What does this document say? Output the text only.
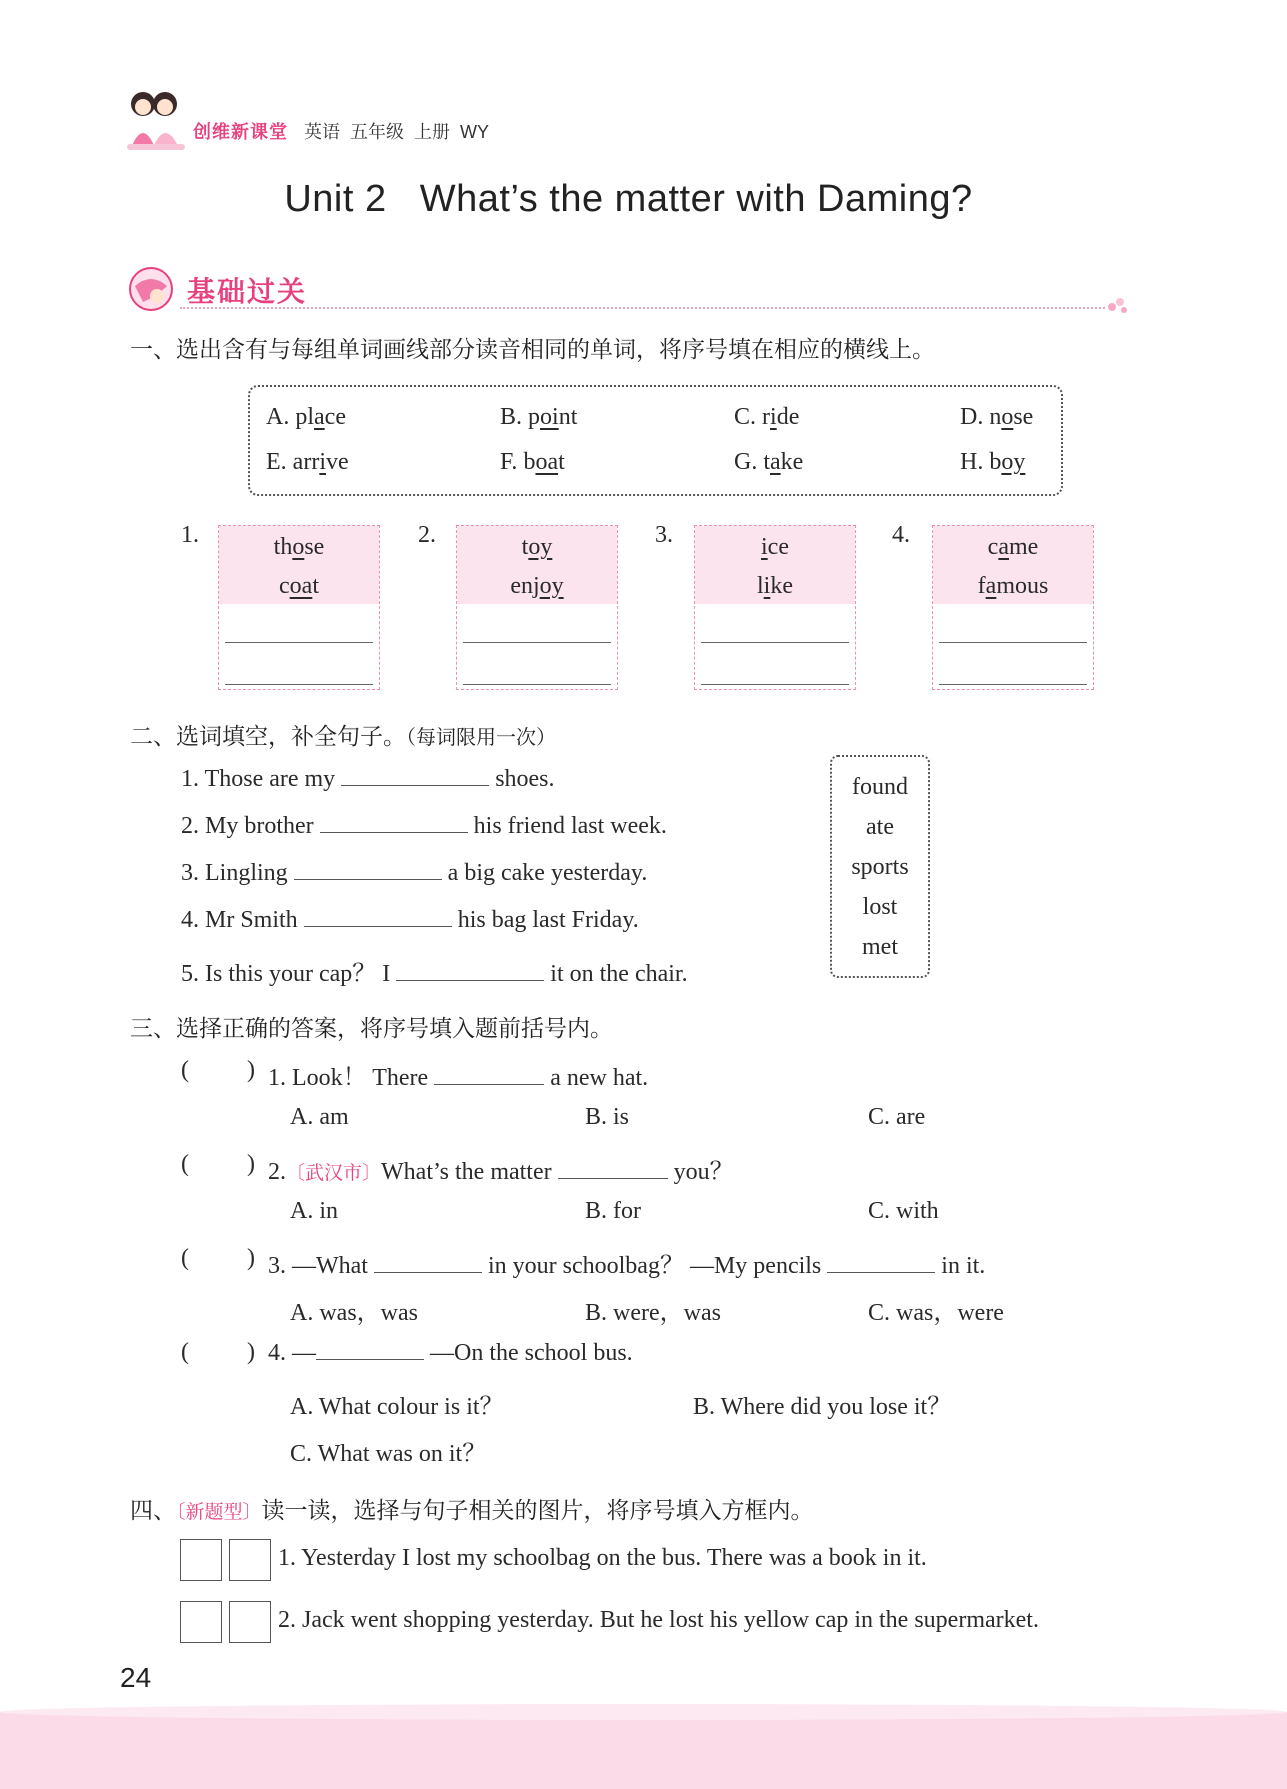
创维新课堂 英语 五年级 上册 WY
Unit 2   What’s the matter with Daming?
基础过关
一、选出含有与每组单词画线部分读音相同的单词，将序号填在相应的横线上。
A. place	B. point	C. ride	D. nose
E. arrive	F. boat	G. take	H. boy
1.	those
coat
2.	toy
enjoy
3.	ice
like
4.	came
famous
二、选词填空，补全句子。（每词限用一次）
1. Those are my	shoes.
2. My brother	his friend last week.
3. Lingling	a big cake yesterday.
4. Mr Smith	his bag last Friday.
5. Is this your cap？ I	it on the chair.
found
ate
sports
lost
met
三、选择正确的答案，将序号填入题前括号内。
( ) 1. Look！ There	a new hat.
A. am	B. is	C. are
( ) 2.〔武汉市〕What’s the matter	you？
A. in	B. for	C. with
( ) 3. —What	in your schoolbag？ —My pencils	in it.
A. was，was	B. were，was	C. was，were
( ) 4. —	—On the school bus.
A. What colour is it？	B. Where did you lose it？
C. What was on it？
四、〔新题型〕读一读，选择与句子相关的图片，将序号填入方框内。
1. Yesterday I lost my schoolbag on the bus. There was a book in it.
2. Jack went shopping yesterday. But he lost his yellow cap in the supermarket.
24
